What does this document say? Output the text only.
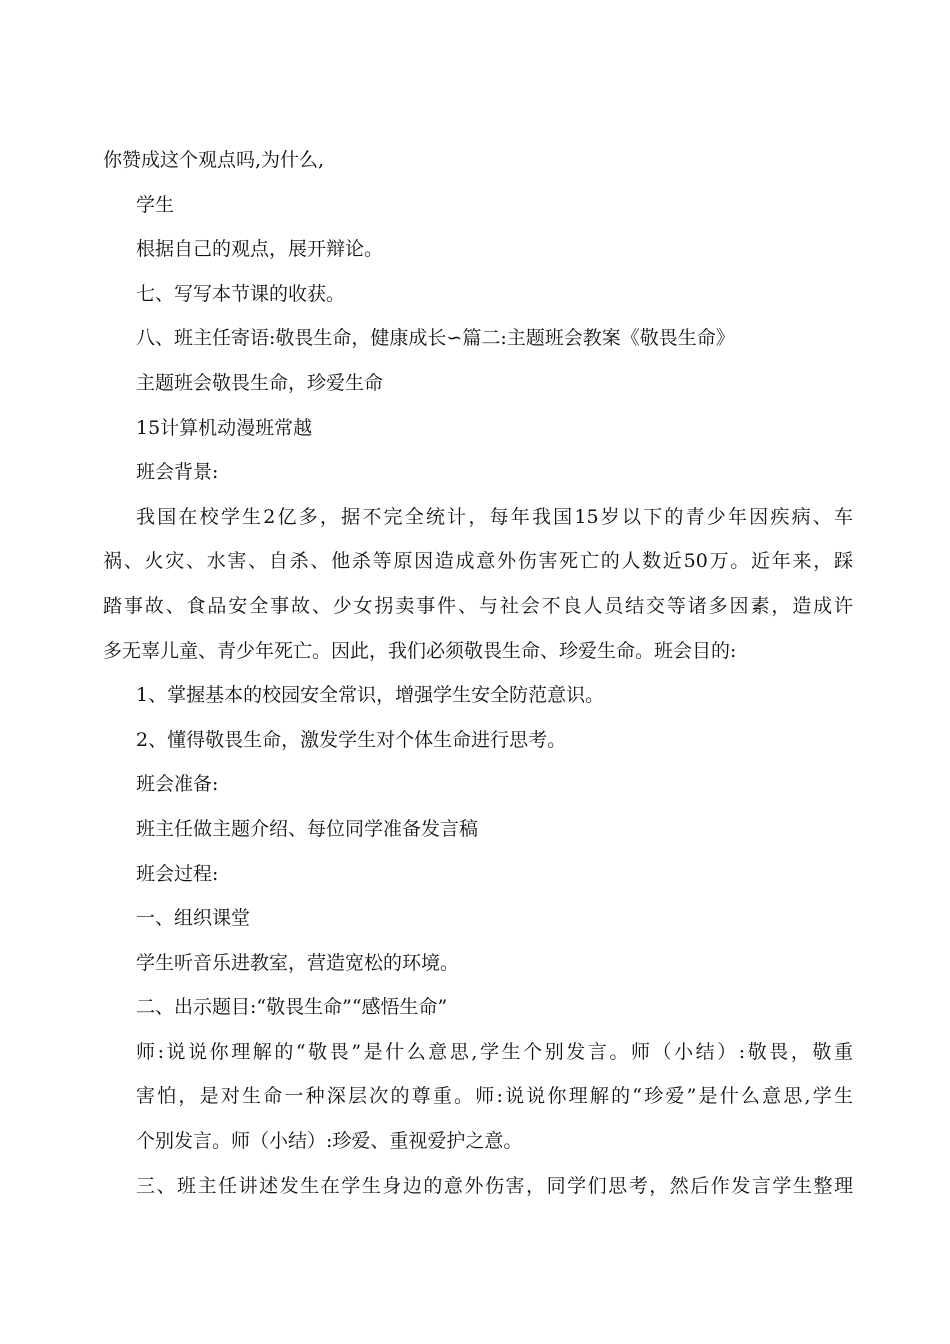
你赞成这个观点吗,为什么,
学生
根据自己的观点，展开辩论。
七、写写本节课的收获。
八、班主任寄语:敬畏生命，健康成长∽篇二:主题班会教案《敬畏生命》
主题班会敬畏生命，珍爱生命
15计算机动漫班常越
班会背景:
我国在校学生2亿多，据不完全统计，每年我国15岁以下的青少年因疾病、车
祸、火灾、水害、自杀、他杀等原因造成意外伤害死亡的人数近50万。近年来，踩
踏事故、食品安全事故、少女拐卖事件、与社会不良人员结交等诸多因素，造成许
多无辜儿童、青少年死亡。因此，我们必须敬畏生命、珍爱生命。班会目的:
1、掌握基本的校园安全常识，增强学生安全防范意识。
2、懂得敬畏生命，激发学生对个体生命进行思考。
班会准备:
班主任做主题介绍、每位同学准备发言稿
班会过程:
一、组织课堂
学生听音乐进教室，营造宽松的环境。
二、出示题目:“敬畏生命”“感悟生命”
师:说说你理解的“敬畏”是什么意思,学生个别发言。师（小结）:敬畏，敬重
害怕，是对生命一种深层次的尊重。师:说说你理解的“珍爱”是什么意思,学生
个别发言。师（小结）:珍爱、重视爱护之意。
三、班主任讲述发生在学生身边的意外伤害，同学们思考，然后作发言学生整理
